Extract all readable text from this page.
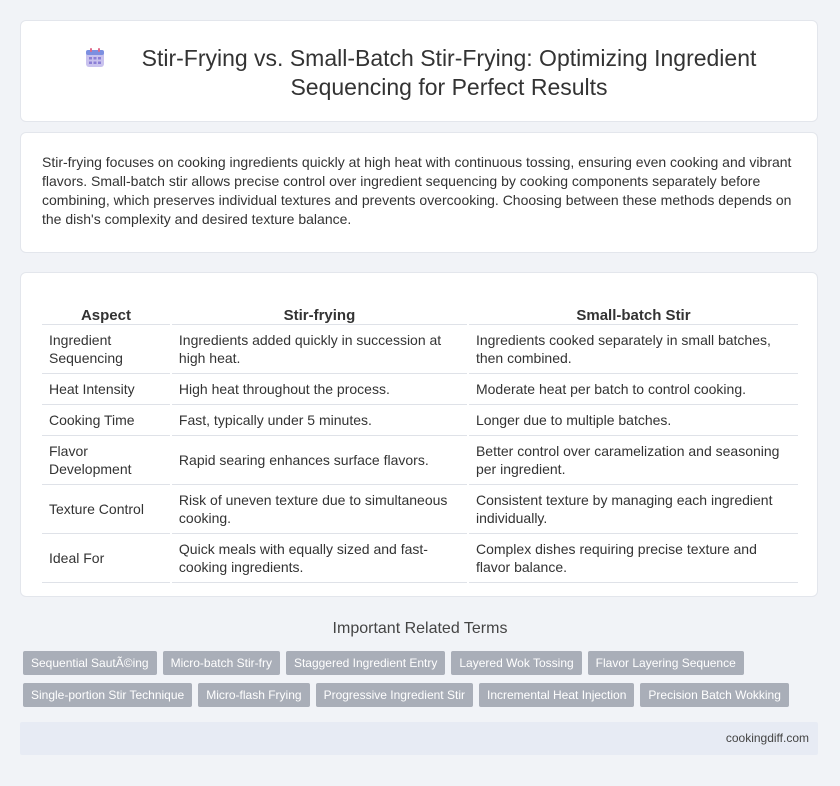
Stir-Frying vs. Small-Batch Stir-Frying: Optimizing Ingredient Sequencing for Perfect Results
Stir-frying focuses on cooking ingredients quickly at high heat with continuous tossing, ensuring even cooking and vibrant flavors. Small-batch stir allows precise control over ingredient sequencing by cooking components separately before combining, which preserves individual textures and prevents overcooking. Choosing between these methods depends on the dish's complexity and desired texture balance.
Aspect	Stir-frying	Small-batch Stir
Ingredient Sequencing	Ingredients added quickly in succession at high heat.	Ingredients cooked separately in small batches, then combined.
Heat Intensity	High heat throughout the process.	Moderate heat per batch to control cooking.
Cooking Time	Fast, typically under 5 minutes.	Longer due to multiple batches.
Flavor Development	Rapid searing enhances surface flavors.	Better control over caramelization and seasoning per ingredient.
Texture Control	Risk of uneven texture due to simultaneous cooking.	Consistent texture by managing each ingredient individually.
Ideal For	Quick meals with equally sized and fast-cooking ingredients.	Complex dishes requiring precise texture and flavor balance.
Important Related Terms
Sequential SautÃ©ing	Micro-batch Stir-fry	Staggered Ingredient Entry	Layered Wok Tossing	Flavor Layering Sequence
Single-portion Stir Technique	Micro-flash Frying	Progressive Ingredient Stir	Incremental Heat Injection	Precision Batch Wokking
cookingdiff.com
